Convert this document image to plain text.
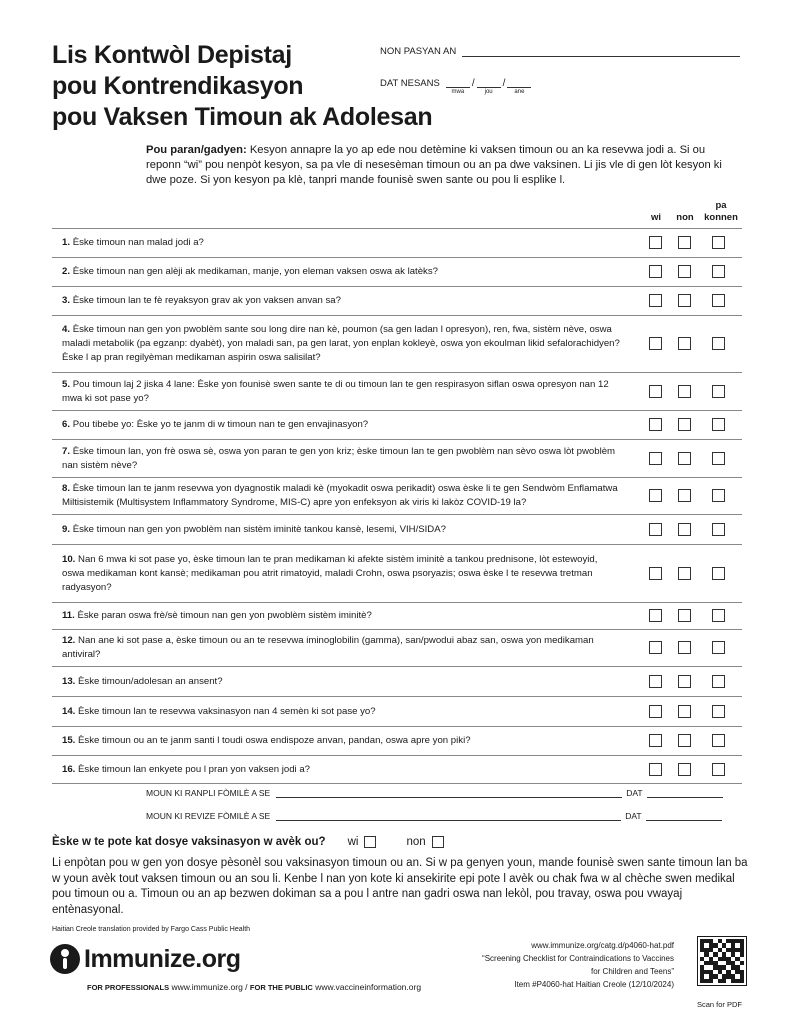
Lis Kontwòl Depistaj
pou Kontrendikasyon
pou Vaksen Timoun ak Adolesan
NON PASYAN AN
DAT NESANS
mwa
/
jou
/
ane
Pou paran/gadyen: Kesyon annapre la yo ap ede nou detèmine ki vaksen timoun ou an ka resevwa jodi a. Si ou reponn “wi” pou nenpòt kesyon, sa pa vle di nesesèman timoun ou an pa dwe vaksinen. Li jis vle di gen lòt kesyon ki dwe poze. Si yon kesyon pa klè, tanpri mande founisè swen sante ou pou li esplike l.
wi	non
pa
konnen
1. Èske timoun nan malad jodi a?
2. Èske timoun nan gen alèji ak medikaman, manje, yon eleman vaksen oswa ak latèks?
3. Èske timoun lan te fè reyaksyon grav ak yon vaksen anvan sa?
4. Èske timoun nan gen yon pwoblèm sante sou long dire nan kè, poumon (sa gen ladan l opresyon), ren, fwa, sistèm nève, oswa maladi metabolik (pa egzanp: dyabèt), yon maladi san, pa gen larat, yon enplan kokleyè, oswa yon ekoulman likid sefalorachidyen? Èske l ap pran regilyèman medikaman aspirin oswa salisilat?
5. Pou timoun laj 2 jiska 4 lane: Èske yon founisè swen sante te di ou timoun lan te gen respirasyon siflan oswa opresyon nan 12 mwa ki sot pase yo?
6. Pou tibebe yo: Èske yo te janm di w timoun nan te gen envajinasyon?
7. Èske timoun lan, yon frè oswa sè, oswa yon paran te gen yon kriz; èske timoun lan te gen pwoblèm nan sèvo oswa lòt pwoblèm nan sistèm nève?
8. Èske timoun lan te janm resevwa yon dyagnostik maladi kè (myokadit oswa perikadit) oswa èske li te gen Sendwòm Enflamatwa Miltisistemik (Multisystem Inflammatory Syndrome, MIS-C) apre yon enfeksyon ak viris ki lakòz COVID-19 la?
9. Èske timoun nan gen yon pwoblèm nan sistèm iminitè tankou kansè, lesemi, VIH/SIDA?
10. Nan 6 mwa ki sot pase yo, èske timoun lan te pran medikaman ki afekte sistèm iminitè a tankou prednisone, lòt estewoyid, oswa medikaman kont kansè; medikaman pou atrit rimatoyid, maladi Crohn, oswa psoryazis; oswa èske l te resevwa tretman radyasyon?
11. Èske paran oswa frè/sè timoun nan gen yon pwoblèm sistèm iminitè?
12. Nan ane ki sot pase a, èske timoun ou an te resevwa iminoglobilin (gamma), san/pwodui abaz san, oswa yon medikaman antiviral?
13. Èske timoun/adolesan an ansent?
14. Èske timoun lan te resevwa vaksinasyon nan 4 semèn ki sot pase yo?
15. Èske timoun ou an te janm santi l toudi oswa endispoze anvan, pandan, oswa apre yon piki?
16. Èske timoun lan enkyete pou l pran yon vaksen jodi a?
MOUN KI RANPLI FÒMILÈ A SE	DAT
MOUN KI REVIZE FÒMILÈ A SE	DAT
Èske w te pote kat dosye vaksinasyon w avèk ou? wi	non
Li enpòtan pou w gen yon dosye pèsonèl sou vaksinasyon timoun ou an. Si w pa genyen youn, mande founisè swen sante timoun lan ba w youn avèk tout vaksen timoun ou an sou li. Kenbe l nan yon kote ki ansekirite epi pote l avèk ou chak fwa w al chèche swen medikal pou timoun ou a. Timoun ou an ap bezwen dokiman sa a pou l antre nan gadri oswa nan lekòl, pou travay, oswa pou vwayaj entènasyonal.
Haitian Creole translation provided by Fargo Cass Public Health
Immunize.org
FOR PROFESSIONALS www.immunize.org / FOR THE PUBLIC www.vaccineinformation.org
www.immunize.org/catg.d/p4060-hat.pdf
“Screening Checklist for Contraindications to Vaccines
for Children and Teens”
Item #P4060-hat Haitian Creole (12/10/2024)
Scan for PDF
